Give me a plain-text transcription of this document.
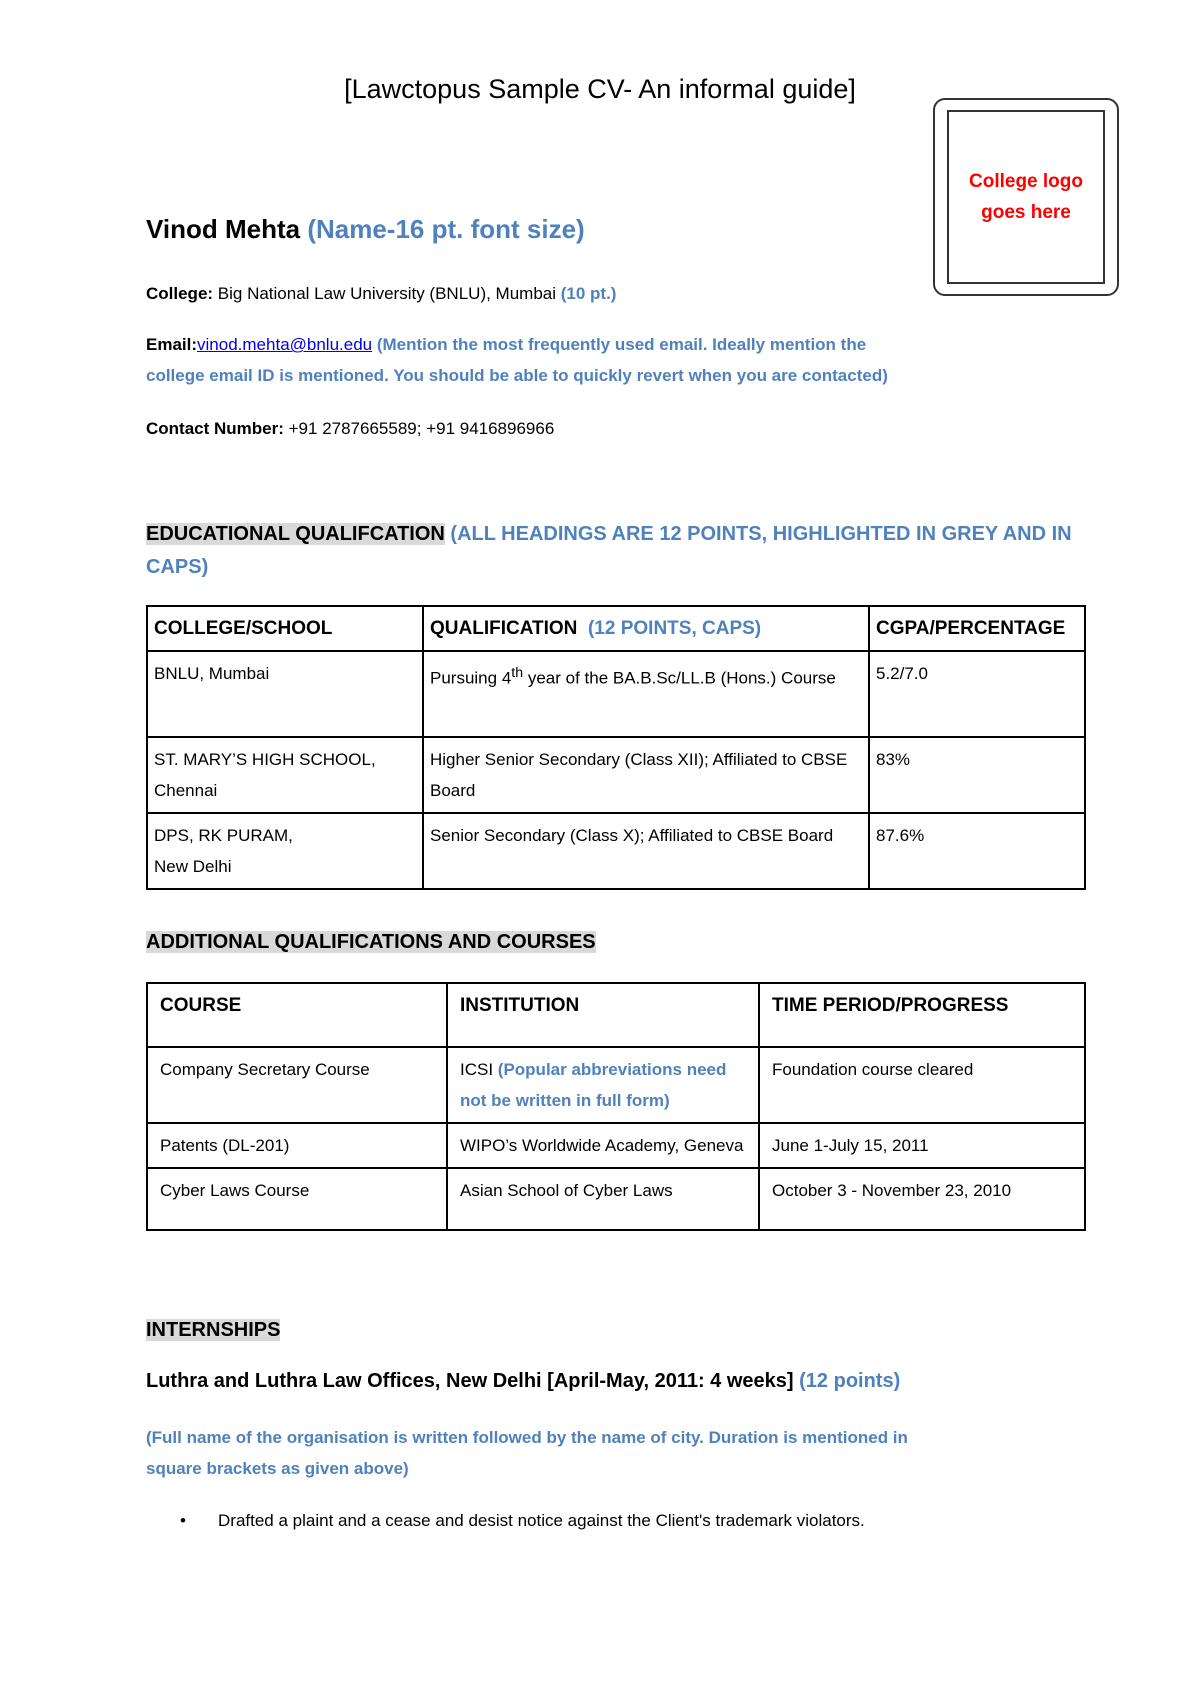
[Lawctopus Sample CV- An informal guide]
College logo
goes here
Vinod Mehta (Name-16 pt. font size)
College: Big National Law University (BNLU), Mumbai (10 pt.)
Email:vinod.mehta@bnlu.edu (Mention the most frequently used email. Ideally mention the
college email ID is mentioned. You should be able to quickly revert when you are contacted)
Contact Number: +91 2787665589; +91 9416896966
EDUCATIONAL QUALIFCATION (ALL HEADINGS ARE 12 POINTS, HIGHLIGHTED IN GREY AND IN CAPS)
COLLEGE/SCHOOL	QUALIFICATION (12 POINTS, CAPS)	CGPA/PERCENTAGE
BNLU, Mumbai	Pursuing 4th year of the BA.B.Sc/LL.B (Hons.) Course	5.2/7.0
ST. MARY’S HIGH SCHOOL, Chennai	Higher Senior Secondary (Class XII); Affiliated to CBSE Board	83%
DPS, RK PURAM,
New Delhi	Senior Secondary (Class X); Affiliated to CBSE Board	87.6%
ADDITIONAL QUALIFICATIONS AND COURSES
COURSE	INSTITUTION	TIME PERIOD/PROGRESS
Company Secretary Course	ICSI (Popular abbreviations need not be written in full form)	Foundation course cleared
Patents (DL-201)	WIPO’s Worldwide Academy, Geneva	June 1-July 15, 2011
Cyber Laws Course	Asian School of Cyber Laws	October 3 - November 23, 2010
INTERNSHIPS
Luthra and Luthra Law Offices, New Delhi [April-May, 2011: 4 weeks] (12 points)
(Full name of the organisation is written followed by the name of city. Duration is mentioned in
square brackets as given above)
• Drafted a plaint and a cease and desist notice against the Client's trademark violators.
